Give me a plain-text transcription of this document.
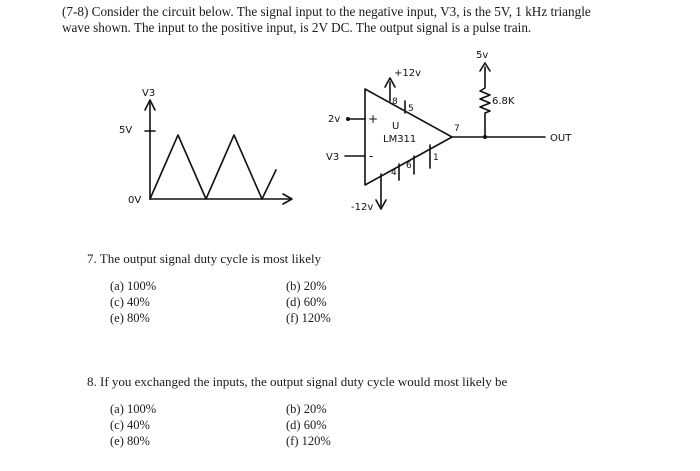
(7-8) Consider the circuit below. The signal input to the negative input, V3, is the 5V, 1 kHz triangle

wave shown. The input to the positive input, is 2V DC. The output signal is a pulse train.

V3
5V
0V
+12v
-12v
5v
6.8K
LM311
U
+
-
2v
V3
OUT
8
5
7
4
6
1
7. The output signal duty cycle is most likely
(a) 100%	(b) 20%
(c) 40%	(d) 60%
(e) 80%	(f) 120%
8. If you exchanged the inputs, the output signal duty cycle would most likely be
(a) 100%	(b) 20%
(c) 40%	(d) 60%
(e) 80%	(f) 120%
